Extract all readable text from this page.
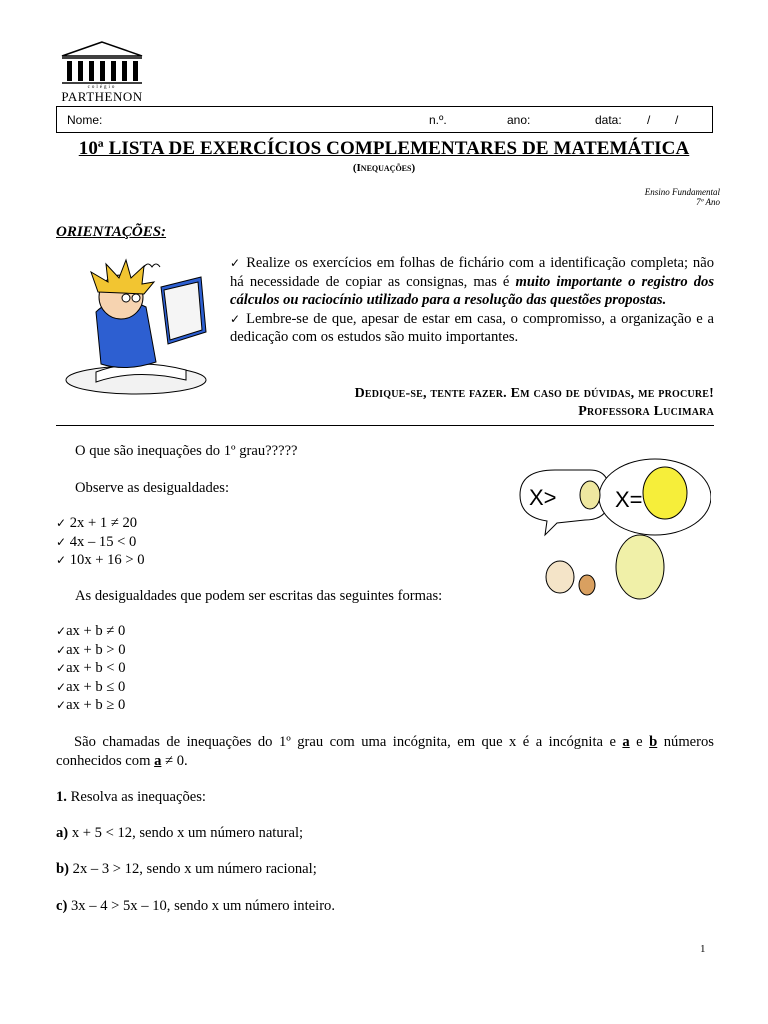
colégio
PARTHENON
Nome:	n.º.	ano:	data: / /
10ª LISTA DE EXERCÍCIOS COMPLEMENTARES DE MATEMÁTICA
(Inequações)
Ensino Fundamental
7º Ano
ORIENTAÇÕES:

✓ Realize os exercícios em folhas de fichário com a identificação completa; não há necessidade de copiar as consignas, mas é muito importante o registro dos cálculos ou raciocínio utilizado para a resolução das questões propostas.

✓ Lembre-se de que, apesar de estar em casa, o compromisso, a organização e a dedicação com os estudos são muito importantes.

Dedique-se, tente fazer. Em caso de dúvidas, me procure!
Professora Lucimara
O que são inequações do 1º grau?????
Observe as desigualdades:
✓ 2x + 1 ≠ 20
✓ 4x – 15 < 0
✓ 10x + 16 > 0
X>	X=
As desigualdades que podem ser escritas das seguintes formas:
✓ax + b ≠ 0
✓ax + b > 0
✓ax + b < 0
✓ax + b ≤ 0
✓ax + b ≥ 0
São chamadas de inequações do 1º grau com uma incógnita, em que x é a incógnita e a e b números conhecidos com a ≠ 0.
1. Resolva as inequações:
a) x + 5 < 12, sendo x um número natural;
b) 2x – 3 > 12, sendo x um número racional;
c) 3x – 4 > 5x – 10, sendo x um número inteiro.
1
